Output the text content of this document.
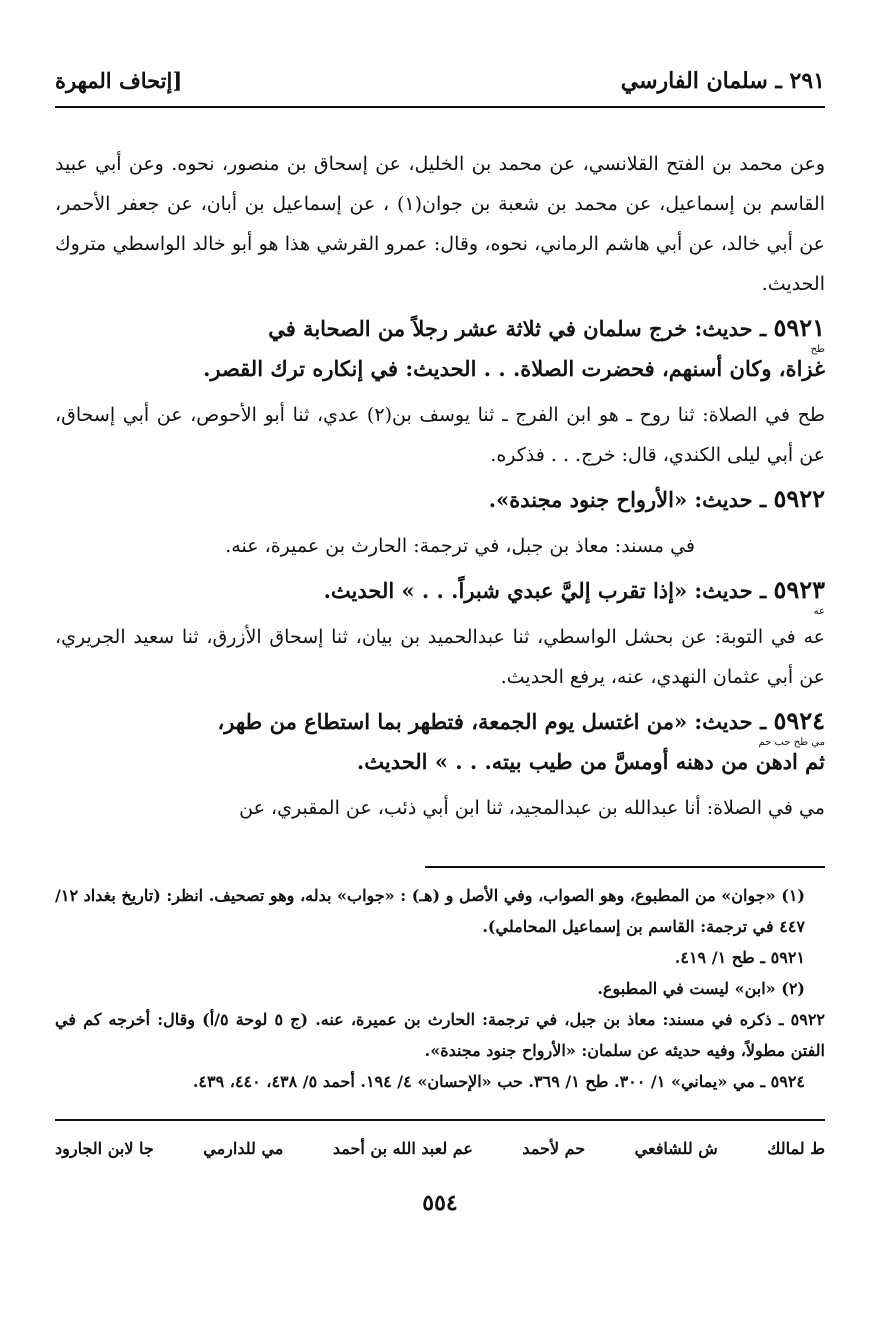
٢٩١ ـ سلمان الفارسي
[إتحاف المهرة

وعن محمد بن الفتح القلانسي، عن محمد بن الخليل، عن إسحاق بن منصور، نحوه. وعن أبي عبيد القاسم بن إسماعيل، عن محمد بن شعبة بن جوان(١) ، عن إسماعيل بن أبان، عن جعفر الأحمر، عن أبي خالد، عن أبي هاشم الرماني، نحوه، وقال: عمرو القرشي هذا هو أبو خالد الواسطي متروك الحديث.

٥٩٢١ ـ حديث: خرج سلمان في ثلاثة عشر رجلاً من الصحابة في
طح
غزاة، وكان أسنهم، فحضرت الصلاة. . . الحديث: في إنكاره ترك القصر.

طح في الصلاة: ثنا روح ـ هو ابن الفرج ـ ثنا يوسف بن(٢) عدي، ثنا أبو الأحوص، عن أبي إسحاق، عن أبي ليلى الكندي، قال: خرج. . . فذكره.

٥٩٢٢ ـ حديث: «الأرواح جنود مجندة».

في مسند: معاذ بن جبل، في ترجمة: الحارث بن عميرة، عنه.

٥٩٢٣ ـ حديث: «إذا تقرب إليَّ عبدي شبراً. . . » الحديث.
عه

عه في التوبة: عن بحشل الواسطي، ثنا عبدالحميد بن بيان، ثنا إسحاق الأزرق، ثنا سعيد الجريري، عن أبي عثمان النهدي، عنه، يرفع الحديث.

٥٩٢٤ ـ حديث: «من اغتسل يوم الجمعة، فتطهر بما استطاع من طهر،
مي طح حب حم
ثم ادهن من دهنه أومسَّ من طيب بيته. . . » الحديث.

مي في الصلاة: أنا عبدالله بن عبدالمجيد، ثنا ابن أبي ذئب، عن المقبري، عن

(١) «جوان» من المطبوع، وهو الصواب، وفي الأصل و (هـ) : «جواب» بدله، وهو تصحيف. انظر: (تاريخ بغداد ١٢/ ٤٤٧ في ترجمة: القاسم بن إسماعيل المحاملي).

٥٩٢١ ـ طح ١/ ٤١٩.

(٢) «ابن» ليست في المطبوع.

٥٩٢٢ ـ ذكره في مسند: معاذ بن جبل، في ترجمة: الحارث بن عميرة، عنه. (ج ٥ لوحة ٥/أ) وقال: أخرجه كم في الفتن مطولاً، وفيه حديثه عن سلمان: «الأرواح جنود مجندة».

٥٩٢٤ ـ مي «يماني» ١/ ٣٠٠. طح ١/ ٣٦٩. حب «الإحسان» ٤/ ١٩٤. أحمد ٥/ ٤٣٨، ٤٤٠، ٤٣٩.

ط لمالك
ش للشافعي
حم لأحمد
عم لعبد الله بن أحمد
مي للدارمي
جا لابن الجارود
٥٥٤
